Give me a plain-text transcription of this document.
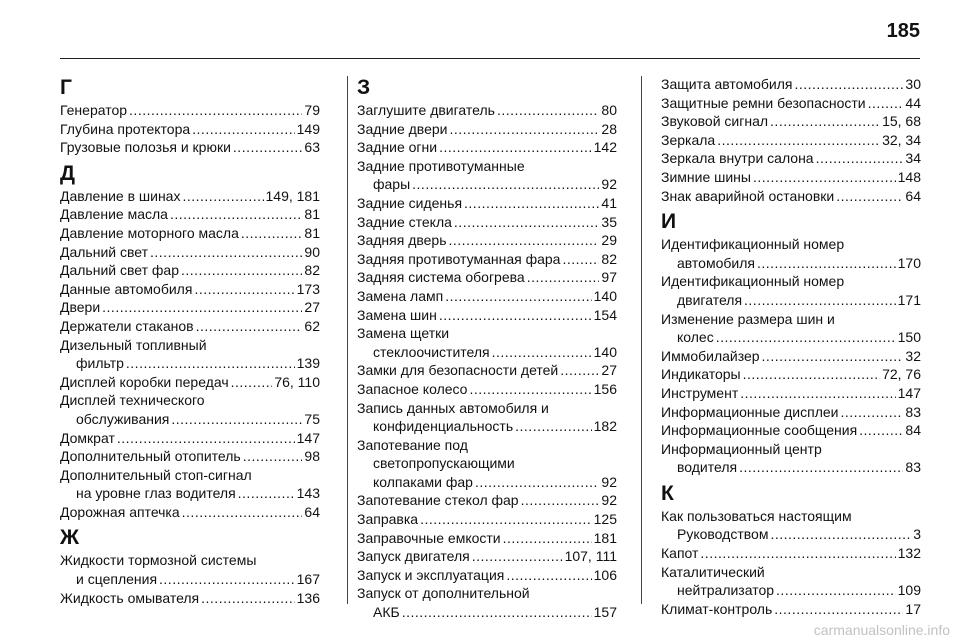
185
Г
Генератор .....	79
Глубина протектора .....	149
Грузовые полозья и крюки .....	63
Д
Давление в шинах .....	149, 181
Давление масла .....	81
Давление моторного масла .....	81
Дальний свет .....	90
Дальний свет фар .....	82
Данные автомобиля .....	173
Двери .....	27
Держатели стаканов .....	62
Дизельный топливный
фильтр .....	139
Дисплей коробки передач .....	76, 110
Дисплей технического
обслуживания .....	75
Домкрат .....	147
Дополнительный отопитель .....	98
Дополнительный стоп-сигнал
на уровне глаз водителя .....	143
Дорожная аптечка .....	64
Ж
Жидкости тормозной системы
и сцепления .....	167
Жидкость омывателя .....	136
З
Заглушите двигатель .....	80
Задние двери .....	28
Задние огни .....	142
Задние противотуманные
фары .....	92
Задние сиденья .....	41
Задние стекла .....	35
Задняя дверь .....	29
Задняя противотуманная фара .....	82
Задняя система обогрева .....	97
Замена ламп .....	140
Замена шин .....	154
Замена щетки
стеклоочистителя .....	140
Замки для безопасности детей .....	27
Запасное колесо .....	156
Запись данных автомобиля и
конфиденциальность .....	182
Запотевание под
светопропускающими
колпаками фар .....	92
Запотевание стекол фар .....	92
Заправка .....	125
Заправочные емкости .....	181
Запуск двигателя .....	107, 111
Запуск и эксплуатация .....	106
Запуск от дополнительной
АКБ .....	157
Защита автомобиля .....	30
Защитные ремни безопасности .....	44
Звуковой сигнал .....	15, 68
Зеркала .....	32, 34
Зеркала внутри салона .....	34
Зимние шины .....	148
Знак аварийной остановки .....	64
И
Идентификационный номер
автомобиля .....	170
Идентификационный номер
двигателя .....	171
Изменение размера шин и
колес .....	150
Иммобилайзер .....	32
Индикаторы .....	72, 76
Инструмент .....	147
Информационные дисплеи .....	83
Информационные сообщения .....	84
Информационный центр
водителя .....	83
К
Как пользоваться настоящим
Руководством .....	3
Капот .....	132
Каталитический
нейтрализатор .....	109
Климат-контроль .....	17
carmanualsonline.info
